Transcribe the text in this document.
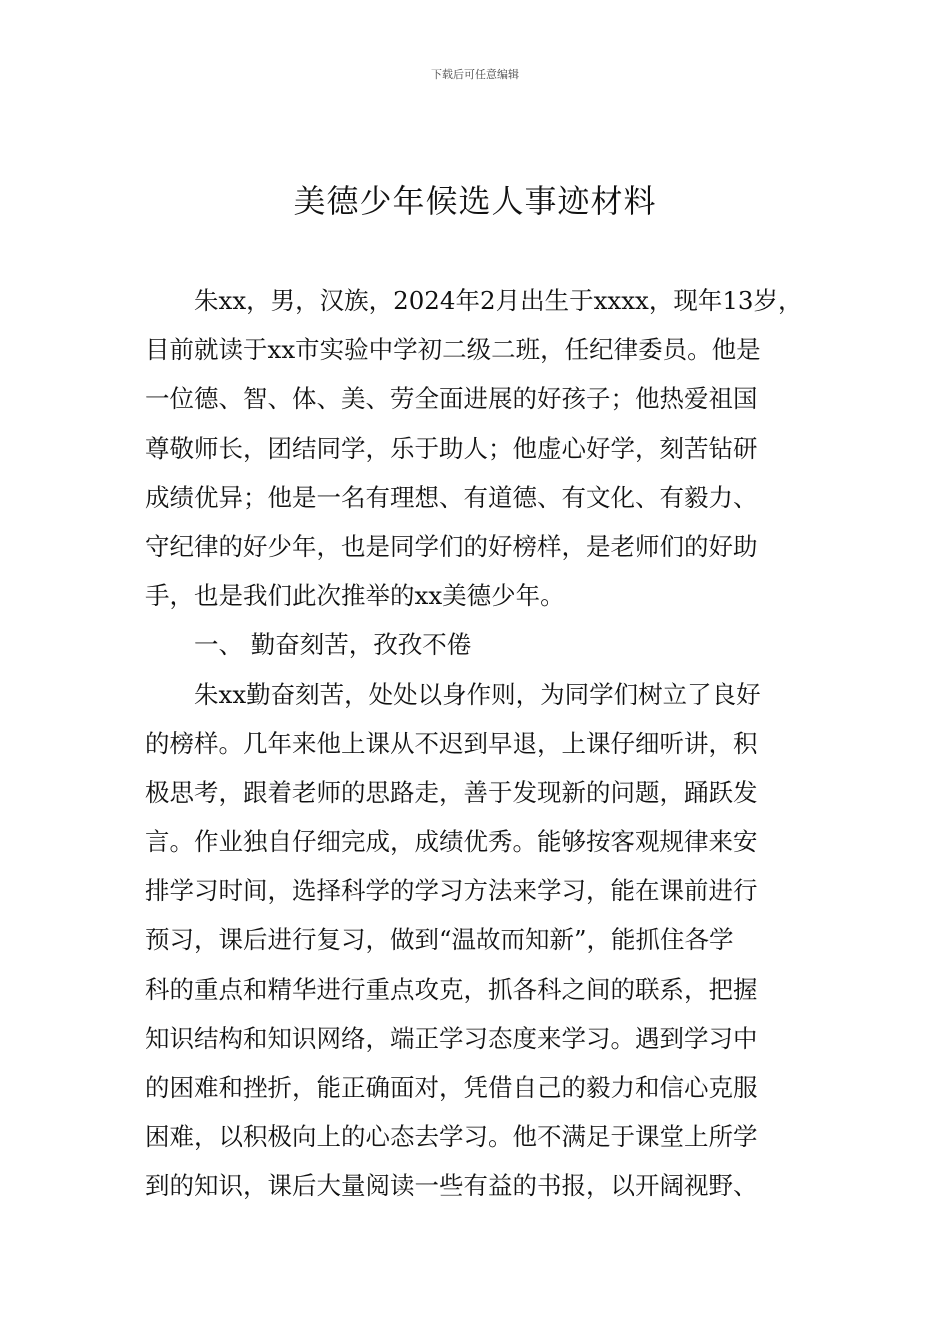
下载后可任意编辑
美德少年候选人事迹材料
朱xx，男，汉族，2024年2月出生于xxxx，现年13岁，
目前就读于xx市实验中学初二级二班，任纪律委员。他是
一位德、智、体、美、劳全面进展的好孩子；他热爱祖国
尊敬师长，团结同学，乐于助人；他虚心好学，刻苦钻研
成绩优异；他是一名有理想、有道德、有文化、有毅力、
守纪律的好少年，也是同学们的好榜样，是老师们的好助
手，也是我们此次推举的xx美德少年。
一、 勤奋刻苦，孜孜不倦
朱xx勤奋刻苦，处处以身作则，为同学们树立了良好
的榜样。几年来他上课从不迟到早退，上课仔细听讲，积
极思考，跟着老师的思路走，善于发现新的问题，踊跃发
言。作业独自仔细完成，成绩优秀。能够按客观规律来安
排学习时间，选择科学的学习方法来学习，能在课前进行
预习，课后进行复习，做到“温故而知新”，能抓住各学
科的重点和精华进行重点攻克，抓各科之间的联系，把握
知识结构和知识网络，端正学习态度来学习。遇到学习中
的困难和挫折，能正确面对，凭借自己的毅力和信心克服
困难，以积极向上的心态去学习。他不满足于课堂上所学
到的知识，课后大量阅读一些有益的书报，以开阔视野、
